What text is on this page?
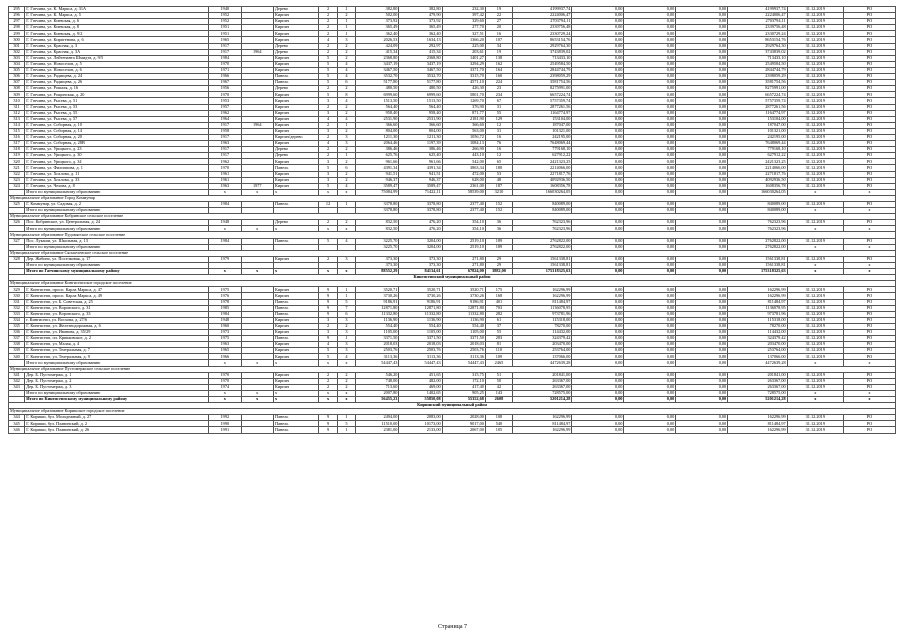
295	Г. Гатчина, ул. К. Маркса, д. 31А	1940		Дерево	2	1	382,80	382,80	232,30	19	4199937,74	0,00	0,00	0,00	4199937,74	31.12.2019	РО
296	Г. Гатчина, ул. К. Маркса, д. 5	1952		Кирпич	2	2	502,00	479,90	397,42	22	2224006,47	0,00	0,00	0,00	2224006,47	31.12.2019	РО
297	Г. Гатчина, ул. Киевская, д. 6	1952		Кирпич	2	1	373,92	373,92	329,60	27	2703794,11	0,00	0,00	0,00	2703794,11	31.12.2019	РО
298	Г. Гатчина, ул. Киевская, д. 8	1951		Кирпич	2	1	365,49	365,49	277,70	20	2339756,48	0,00	0,00	0,00	2339756,48	31.12.2019	РО
299	Г. Гатчина, ул. Киевская, д. 9/2	1951		Кирпич	2	1	362,40	362,40	327,51	16	2330729,24	0,00	0,00	0,00	2330729,24	31.12.2019	РО
300	Г. Гатчина, ул. Кирпгенова, д. 6	1965		Кирпич	4	3	2026,53	1634,13	1366,20	107	8653154,76	0,00	0,00	0,00	8653154,76	31.12.2019	РО
301	Г. Гатчина, ул. Красная, д. 3	1917		Дерево	2	2	424,09	292,97	225,00	34	2929764,30	0,00	0,00	0,00	2929764,30	31.12.2019	РО
302	Г. Гатчина, ул. Красная, д. 3А	1917	1964	Дерево	2	2	415,34	415,34	203,61	19	3743839,02	0,00	0,00	0,00	3743839,02	31.12.2019	РО
303	Г. Гатчина, ул. Лейтенанта Шмидта, д. 9/5	1984		Кирпич	5	2	2368,80	2368,80	1401,27	138	713433,10	0,00	0,00	0,00	713433,10	31.12.2019	РО
304	Г. Гатчина, ул. Новоселов, д. 5	1970		Кирпич	5	4	3437,19	3437,19	3294,29	162	2549584,50	0,00	0,00	0,00	2549584,50	31.12.2019	РО
305	Г. Гатчина, ул. Новоселов, д. 6	1971		Кирпич	5	4	3467,50	3467,50	3371,70	164	2844744,79	0,00	0,00	0,00	2844744,79	31.12.2019	РО
306	Г. Гатчина, ул. Радищева, д. 24	1966		Панель	5	4	3532,70	3532,70	3315,70	160	2398059,29	0,00	0,00	0,00	2398059,29	31.12.2019	РО
307	Г. Гатчина, ул. Радищева, д. 26	1967		Панель	5	6	5177,80	5177,80	4571,10	224	3581754,56	0,00	0,00	0,00	3581754,56	31.12.2019	РО
308	Г. Гатчина, ул. Рошаля, д. 16	1956		Дерево	2	2	480,50	480,50	426,30	23	8275991,00	0,00	0,00	0,00	8275991,00	31.12.2019	РО
309	Г. Гатчина, ул. Рощинская, д. 20	1970		Кирпич	5	8	6999,60	6999,60	5801,70	234	6657224,74	0,00	0,00	0,00	6657224,74	31.12.2019	РО
310	Г. Гатчина, ул. Рысева, д. 51	1953		Кирпич	3	4	1513,50	1513,50	1269,70	67	5757359,74	0,00	0,00	0,00	5757359,74	31.12.2019	РО
311	Г. Гатчина, ул. Рысева, д. 53	1957		Кирпич	2	2	564,40	564,40	376,90	31	2877261,56	0,00	0,00	0,00	2877261,56	31.12.2019	РО
312	Г. Гатчина, ул. Рысева, д. 55	1962		Кирпич	3	2	958,40	958,40	871,77	55	1164774,97	0,00	0,00	0,00	1164774,97	31.12.2019	РО
313	Г. Гатчина, ул. Рысева, д. 57	1964		Кирпич	4	4	2531,90	2531,90	2181,90	129	153104,00	0,00	0,00	0,00	153104,00	31.12.2019	РО
314	Г. Гатчина, ул. Соборная, д. 10	1917	1964	Кирпич	2	1	366,60	366,60	366,60	12	187047,00	0,00	0,00	0,00	187047,00	31.12.2019	РО
315	Г. Гатчина, ул. Соборная, д. 14	1958		Кирпич	3	2	804,00	804,00	563,00	31	101321,00	0,00	0,00	0,00	101321,00	31.12.2019	РО
316	Г. Гатчина, ул. Соборная, д. 20	1917		Кирпич/дерево	2	3	1211,30	1211,30	1056,72	16	242195,00	0,00	0,00	0,00	242195,00	31.12.2019	РО
317	Г. Гатчина, ул. Соборная, д. 28В	1963		Кирпич	4	3	2064,46	1197,39	1084,13	76	7648069,44	0,00	0,00	0,00	7648069,44	31.12.2019	РО
318	Г. Гатчина, ул. Урицкого, д. 23	1917		Дерево	2	2	386,46	386,46	266,90	16	779168,10	0,00	0,00	0,00	779168,10	31.12.2019	РО
319	Г. Гатчина, ул. Урицкого, д. 30	1917		Дерево	2	1	625,76	625,40	443,10	12	627912,22	0,00	0,00	0,00	627912,22	31.12.2019	РО
320	Г. Гатчина, ул. Урицкого, д. 34	1962		Кирпич	3	2	961,66	961,66	542,00	65	2421323,25	0,00	0,00	0,00	2421323,25	31.12.2019	РО
321	Г. Гатчина, ул. Филиппова, д. 1	1970		Панель	5	6	4391,34	4391,34	3863,34	180	2214066,00	0,00	0,00	0,00	2214066,00	31.12.2019	РО
322	Г. Гатчина, ул. Хохлова, д. 11	1961		Кирпич	3	2	941,51	941,51	472,00	53	2271817,76	0,00	0,00	0,00	2271817,76	31.12.2019	РО
323	Г. Гатчина, ул. Хохлова, д. 33	1961		Кирпич	3	2	946,37	946,37	628,00	48	4092936,50	0,00	0,00	0,00	4092936,50	31.12.2019	РО
324	Г. Гатчина, ул. Чехова, д. 8	1963	1977	Кирпич	5	4	3589,47	3589,47	2361,00	187	1608356,78	0,00	0,00	0,00	1608356,78	31.12.2019	РО
	Итого по муниципальному образованию	x	x	x	x	x	75084,99	71422,11	58539,00	3210	166030264,05	0,00	0,00	0,00	166030264,05	x	x
Муниципальное образование Город Коммунар																	
325	Г. Коммунар, ул. Садовая, д. 2	1984		Панель	12	1	3378,80	3378,80	2377,40	152	840089,00	0,00	0,00	0,00	840089,00	31.12.2019	РО
	Итого по муниципальному образованию						3378,80	3378,80	2377,40	152	840089,00	0,00	0,00	0,00	840089,00	x	x
Муниципальное образование Кобринское сельское поселение																	
326	Пос. Кобринское, ул. Центральная, д. 24	1948		Дерево	2	2	832,50	476,20	354,10	36	762323,96	0,00	0,00	0,00	762323,96	31.12.2019	РО
	Итого по муниципальному образованию	x	x	x	x	x	832,50	476,20	354,10	36	762323,96	0,00	0,00	0,00	762323,96	x	x
Муниципальное образование Пудомягское сельское поселение																	
327	Пос. Лукаши, ул. Школьная, д. 13	1984		Панель	5	4	3225,70	3204,00	2519,10	189	2762822,00	0,00	0,00	0,00	2762822,00	31.12.2019	РО
	Итого по муниципальному образованию						3225,70	3204,00	2519,10	189	2762822,00	0,00	0,00	0,00	2762822,00	x	x
Муниципальное образование Сяськелевское сельское поселение																	
328	Дер. Жабино, ул. Поселковая, д. 17	1979		Кирпич	2	3	373,30	373,30	271,80	29	1561338,81	0,00	0,00	0,00	1561338,81	31.12.2019	РО
	Итого по муниципальному образованию						373,30	373,30	271,80	29	1561338,81	0,00	0,00	0,00	1561338,81	x	x
	Итого по Гатчинскому муниципальному району	x	x	x	x	x	88552,29	84134,61	67824,00	3882,00	175318325,63	0,00	0,00	0,00	175318325,63	x	x
Кингисеппский муниципальный район																	
Муниципальное образование Кингисеппское городское поселение																	
329	Г. Кингисепп, просп. Карла Маркса, д. 47	1975		Кирпич	9	1	3520,71	3520,71	3520,71	175	162296,99	0,00	0,00	0,00	162296,99	31.12.2019	РО
330	Г. Кингисепп, просп. Карла Маркса, д. 49	1976		Кирпич	9	1	3730,26	3730,26	3730,26	168	162296,99	0,00	0,00	0,00	162296,99	31.12.2019	РО
331	Г. Кингисепп, ул. Б. Советская, д. 25	1978		Панель	9	5	9186,91	9186,91	9186,91	401	811484,97	0,00	0,00	0,00	811484,97	31.12.2019	РО
332	Г. Кингисепп, ул. Воровского, д. 31	1985		Панель	9	7	12871,80	12871,80	12871,80	703	1136078,95	0,00	0,00	0,00	1136078,95	31.12.2019	РО
333	Г. Кингисепп, ул. Воровского, д. 33	1984		Панель	9	6	11332,80	11332,80	11332,80	282	973781,96	0,00	0,00	0,00	973781,96	31.12.2019	РО
334	г. Кингисепп, ул. Восхова, д. 27/6	1948		Кирпич	3	3	1136,90	1136,90	1136,90	61	115318,00	0,00	0,00	0,00	115318,00	31.12.2019	РО
335	Г. Кингисепп, ул. Железнодорожная, д. 6	1960		Кирпич	2	2	554,40	554,40	554,40	37	78270,00	0,00	0,00	0,00	78270,00	31.12.2019	РО
336	Г. Кингисепп, ул. Иванова, д. 35/29	1973		Кирпич	3	3	1105,00	1105,00	1105,00	55	114432,00	0,00	0,00	0,00	114432,00	31.12.2019	РО
337	Г. Кингисепп, пл. Крикковское, д. 2	1975		Панель	9	1	3371,50	3371,50	3371,50	283	324379,42	0,00	0,00	0,00	324379,42	31.12.2019	РО
338	Г. Кингисепп, ул. Малая, д. 4	1963		Кирпич	4	3	2018,03	2018,03	2018,03	81	203470,00	0,00	0,00	0,00	203470,00	31.12.2019	РО
339	Г. Кингисепп, ул. Театральная, д. 7	1965		Кирпич	5	3	2503,76	2503,76	2503,76	110	253764,00	0,00	0,00	0,00	253764,00	31.12.2019	РО
340	Г. Кингисепп, ул. Театральная, д. 9	1966		Кирпич	5	4	3113,36	3113,36	3113,36	109	137066,00	0,00	0,00	0,00	137066,00	31.12.2019	РО
	Итого по муниципальному образованию	x	x	x	x	x	54447,43	54447,43	54447,43	2465	4472639,28	0,00	0,00	0,00	4472639,28	x	x
Муниципальное образование Пустомержское сельское поселение																	
341	Дер. Б. Пустомержа, д. 1	1970		Кирпич	2	2	546,20	451,65	315,75	51	201841,00	0,00	0,00	0,00	201841,00	31.12.2019	РО
342	Дер. Б. Пустомержа, д. 2	1970		Кирпич	2	2	748,00	482,00	172,10	50	263367,00	0,00	0,00	0,00	263367,00	31.12.2019	РО
343	Дер. Б. Пустомержа, д. 3	1974		Кирпич	2	2	713,60	469,00	417,40	42	263367,00	0,00	0,00	0,00	263367,00	31.12.2019	РО
	Итого по муниципальному образованию	x	x	x	x	x	2007,80	1402,65	905,25	143	728575,00	0,00	0,00	0,00	728575,00	x	x
	Итого по Кингисеппскому муниципальному району	x	x	x	x	x	56455,23	55850,08	55352,68	2608	5201214,28	0,00	0,00	0,00	5201214,28	x	x
Киришский муниципальный район																	
Муниципальное образование Киришское городское поселение																	
344	Г. Кириши, бул. Молодежный, д. 27	1992		Панель	9	1	2494,00	2083,00	2028,00	108	162296,99	0,00	0,00	0,00	162296,99	31.12.2019	РО
345	Г. Кириши, бул. Плавинский, д. 2	1990		Панель	9	5	11510,00	10173,00	9017,00	540	811484,97	0,00	0,00	0,00	811484,97	31.12.2019	РО
346	Г. Кириши, бул. Плавинский, д. 26	1991		Панель	9	1	2381,00	2133,00	2067,00	105	162296,99	0,00	0,00	0,00	162296,99	31.12.2019	РО
Страница 7
